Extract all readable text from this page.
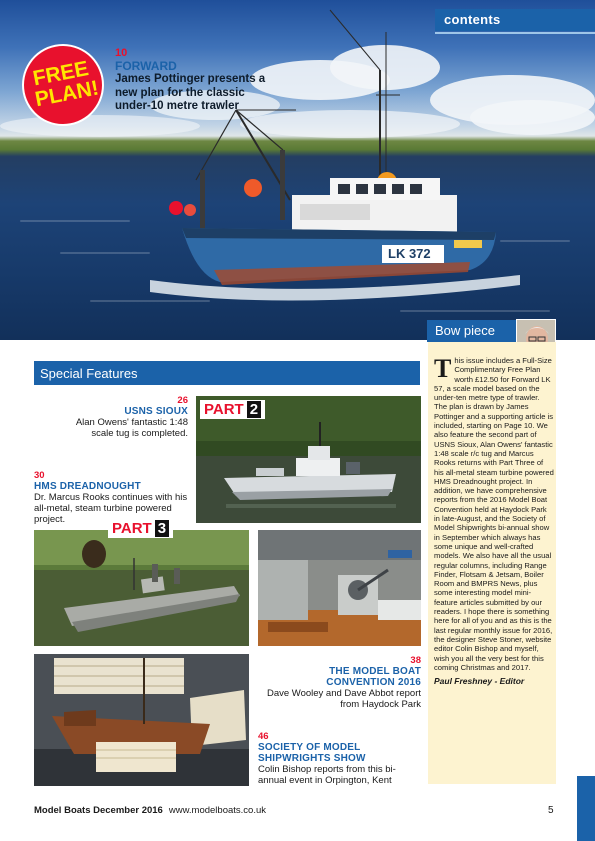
LK 372
contents
FREE PLAN!
10
FORWARD
James Pottinger presents a new plan for the classic under-10 metre trawler
Bow piece
Special Features
26
USNS SIOUX
Alan Owens' fantastic 1:48 scale tug is completed.
PART 2
30
HMS DREADNOUGHT
Dr. Marcus Rooks continues with his all-metal, steam turbine powered project.
PART 3
38
THE MODEL BOAT CONVENTION 2016
Dave Wooley and Dave Abbot report from Haydock Park
46
SOCIETY OF MODEL SHIPWRIGHTS SHOW
Colin Bishop reports from this bi-annual event in Orpington, Kent
This issue includes a Full-Size Complimentary Free Plan worth £12.50 for Forward LK 57, a scale model based on the under-ten metre type of trawler. The plan is drawn by James Pottinger and a supporting article is included, starting on Page 10. We also feature the second part of USNS Sioux, Alan Owens' fantastic 1:48 scale r/c tug and Marcus Rooks returns with Part Three of his all-metal steam turbine powered HMS Dreadnought project. In addition, we have comprehensive reports from the 2016 Model Boat Convention held at Haydock Park in late-August, and the Society of Model Shipwrights bi-annual show in September which always has some unique and well-crafted models. We also have all the usual regular columns, including Range Finder, Flotsam & Jetsam, Boiler Room and BMPRS News, plus some interesting model mini-feature articles submitted by our readers. I hope there is something here for all of you and as this is the last regular monthly issue for 2016, the designer Steve Stoner, website editor Colin Bishop and myself, wish you all the very best for this coming Christmas and 2017.
Paul Freshney - Editor
Model Boats December 2016 www.modelboats.co.uk	5
